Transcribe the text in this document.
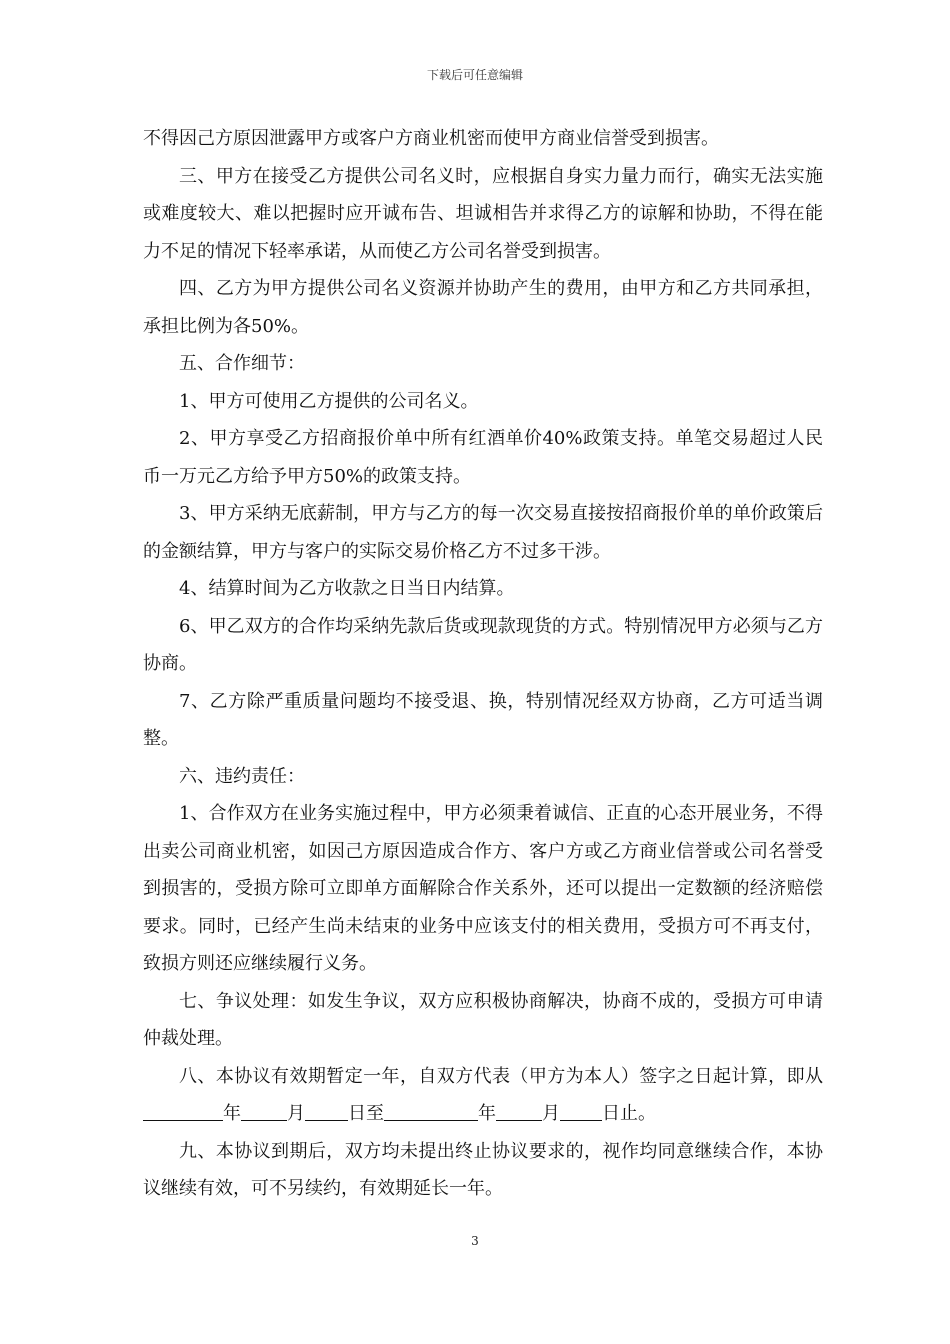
下载后可任意编辑

不得因己方原因泄露甲方或客户方商业机密而使甲方商业信誉受到损害。

三、甲方在接受乙方提供公司名义时，应根据自身实力量力而行，确实无法实施或难度较大、难以把握时应开诚布告、坦诚相告并求得乙方的谅解和协助，不得在能力不足的情况下轻率承诺，从而使乙方公司名誉受到损害。

四、乙方为甲方提供公司名义资源并协助产生的费用，由甲方和乙方共同承担，承担比例为各50%。

五、合作细节：

1、甲方可使用乙方提供的公司名义。

2、甲方享受乙方招商报价单中所有红酒单价40%政策支持。单笔交易超过人民币一万元乙方给予甲方50%的政策支持。

3、甲方采纳无底薪制，甲方与乙方的每一次交易直接按招商报价单的单价政策后的金额结算，甲方与客户的实际交易价格乙方不过多干涉。

4、结算时间为乙方收款之日当日内结算。

6、甲乙双方的合作均采纳先款后货或现款现货的方式。特别情况甲方必须与乙方协商。

7、乙方除严重质量问题均不接受退、换，特别情况经双方协商，乙方可适当调整。

六、违约责任：

1、合作双方在业务实施过程中，甲方必须秉着诚信、正直的心态开展业务，不得出卖公司商业机密，如因己方原因造成合作方、客户方或乙方商业信誉或公司名誉受到损害的，受损方除可立即单方面解除合作关系外，还可以提出一定数额的经济赔偿要求。同时，已经产生尚未结束的业务中应该支付的相关费用，受损方可不再支付，致损方则还应继续履行义务。

七、争议处理：如发生争议，双方应积极协商解决，协商不成的，受损方可申请仲裁处理。

八、本协议有效期暂定一年，自双方代表（甲方为本人）签字之日起计算，即从年	月 日至	年	月 日止。

九、本协议到期后，双方均未提出终止协议要求的，视作均同意继续合作，本协议继续有效，可不另续约，有效期延长一年。

3
